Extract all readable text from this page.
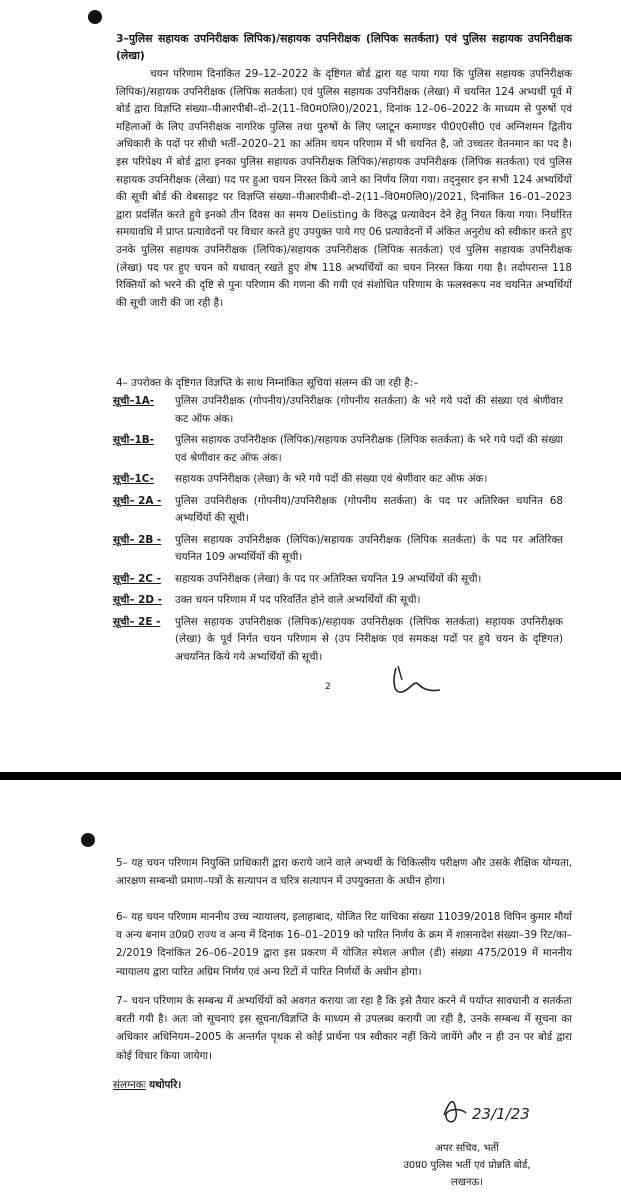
3–पुलिस सहायक उपनिरीक्षक लिपिक)/सहायक उपनिरीक्षक (लिपिक सतर्कता) एवं पुलिस सहायक उपनिरीक्षक (लेखा)
चयन परिणाम दिनांकित 29–12–2022 के दृष्टिगत बोर्ड द्वारा यह पाया गया कि पुलिस सहायक उपनिरीक्षक लिपिक)/सहायक उपनिरीक्षक (लिपिक सतर्कता) एवं पुलिस सहायक उपनिरीक्षक (लेखा) में चयनित 124 अभ्यर्थी पूर्व में बोर्ड द्वारा विज्ञप्ति संख्या–पीआरपीबी–दो–2(11–वि0म0लि0)/2021, दिनांक 12–06–2022 के माध्यम से पुरुषों एवं महिलाओं के लिए उपनिरीक्षक नागरिक पुलिस तथा पुरुषों के लिए प्लाटून कमाण्डर पी0ए0सी0 एवं अग्निशमन द्वितीय अधिकारी के पदों पर सीधी भर्ती–2020–21 का अंतिम चयन परिणाम में भी चयनित है, जो उच्चतर वेतनमान का पद है। इस परिपेक्ष्य में बोर्ड द्वारा इनका पुलिस सहायक उपनिरीक्षक लिपिक)/सहायक उपनिरीक्षक (लिपिक सतर्कता) एवं पुलिस सहायक उपनिरीक्षक (लेखा) पद पर हुआ चयन निरस्त किये जाने का निर्णय लिया गया। तद्नुसार इन सभी 124 अभ्यर्थियों की सूची बोर्ड की वेबसाइट पर विज्ञप्ति संख्या–पीआरपीबी–दो–2(11–वि0म0लि0)/2021, दिनांकित 16–01–2023 द्वारा प्रदर्शित करते हुये इनको तीन दिवस का समय Delisting के विरुद्ध प्रत्यावेदन देने हेतु नियत किया गया। निर्धारित समयावधि में प्राप्त प्रत्यावेदनों पर विचार करते हुए उपयुक्त पाये गए 06 प्रत्यावेदनों में अंकित अनुरोध को स्वीकार करते हुए उनके पुलिस सहायक उपनिरीक्षक (लिपिक)/सहायक उपनिरीक्षक (लिपिक सतर्कता) एवं पुलिस सहायक उपनिरीक्षक (लेखा) पद पर हुए चयन को यथावत् रखते हुए शेष 118 अभ्यर्थियों का चयन निरस्त किया गया है। तदोपरान्त 118 रिक्तियों को भरने की दृष्टि से पुनः परिणाम की गणना की गयी एवं संशोधित परिणाम के फलस्वरूप नव चयनित अभ्यर्थियों की सूची जारी की जा रही है।
4– उपरोक्त के दृष्टिगत विज्ञप्ति के साथ निम्नांकित सूचियां संलग्न की जा रही है:–
सूची–1A-	पुलिस उपनिरीक्षक (गोपनीय)/उपनिरीक्षक (गोपनीय सतर्कता) के भरे गये पदों की संख्या एवं श्रेणीवार कट ऑफ अंक।
सूची–1B-	पुलिस सहायक उपनिरीक्षक (लिपिक)/सहायक उपनिरीक्षक (लिपिक सतर्कता) के भरे गये पदों की संख्या एवं श्रेणीवार कट ऑफ अंक।
सूची–1C-	सहायक उपनिरीक्षक (लेखा) के भरे गये पदों की संख्या एवं श्रेणीवार कट ऑफ अंक।
सूची– 2A -	पुलिस उपनिरीक्षक (गोपनीय)/उपनिरीक्षक (गोपनीय सतर्कता) के पद पर अतिरिक्त चयनित 68 अभ्यर्थियों की सूची।
सूची– 2B -	पुलिस सहायक उपनिरीक्षक (लिपिक)/सहायक उपनिरीक्षक (लिपिक सतर्कता) के पद पर अतिरिक्त चयनित 109 अभ्यर्थियों की सूची।
सूची– 2C -	सहायक उपनिरीक्षक (लेखा) के पद पर अतिरिक्त चयनित 19 अभ्यर्थियों की सूची।
सूची– 2D -	उक्त चयन परिणाम में पद परिवर्तित होने वाले अभ्यर्थियों की सूची।
सूची– 2E -	पुलिस सहायक उपनिरीक्षक (लिपिक)/सहायक उपनिरीक्षक (लिपिक सतर्कता) सहायक उपनिरीक्षक (लेखा) के पूर्व निर्गत चयन परिणाम से (उप निरीक्षक एवं समकक्ष पदों पर हुये चयन के दृष्टिगत) अचयनित किये गये अभ्यर्थियों की सूची।
2
5– यह चयन परिणाम नियुक्ति प्राधिकारी द्वारा कराये जाने वाले अभ्यर्थी के चिकित्सीय परीक्षण और उसके शैक्षिक योग्यता, आरक्षण सम्बन्धी प्रमाण–पत्रों के सत्यापन व चरित्र सत्यापन में उपयुक्तता के अधीन होगा।
6– यह चयन परिणाम माननीय उच्च न्यायालय, इलाहाबाद, योजित रिट याचिका संख्या 11039/2018 विपिन कुमार मौर्या व अन्य बनाम उ0प्र0 राज्य व अन्य में दिनांक 16–01–2019 को पारित निर्णय के क्रम में शासनादेश संख्या–39 रिट/का–2/2019 दिनांकित 26–06–2019 द्वारा इस प्रकरण में योजित स्पेशल अपील (डी) संख्या 475/2019 में माननीय न्यायालय द्वारा पारित अग्रिम निर्णय एवं अन्य रिटों में पारित निर्णयों के अधीन होगा।
7– चयन परिणाम के सम्बन्ध में अभ्यर्थियों को अवगत कराया जा रहा है कि इसे तैयार करने में पर्याप्त सावधानी व सतर्कता बरती गयी है। अतः जो सूचनाएं इस सूचना/विज्ञप्ति के माध्यम से उपलब्ध करायी जा रही है, उनके सम्बन्ध में सूचना का अधिकार अधिनियम–2005 के अन्तर्गत पृथक से कोई प्रार्थना पत्र स्वीकार नहीं किये जायेंगे और न ही उन पर बोर्ड द्वारा कोई विचार किया जायेगा।
संलग्नकः यथोपरि।
23/1/23
अपर सचिव, भर्ती
उ0प्र0 पुलिस भर्ती एवं प्रोन्नति बोर्ड,
लखनऊ।
